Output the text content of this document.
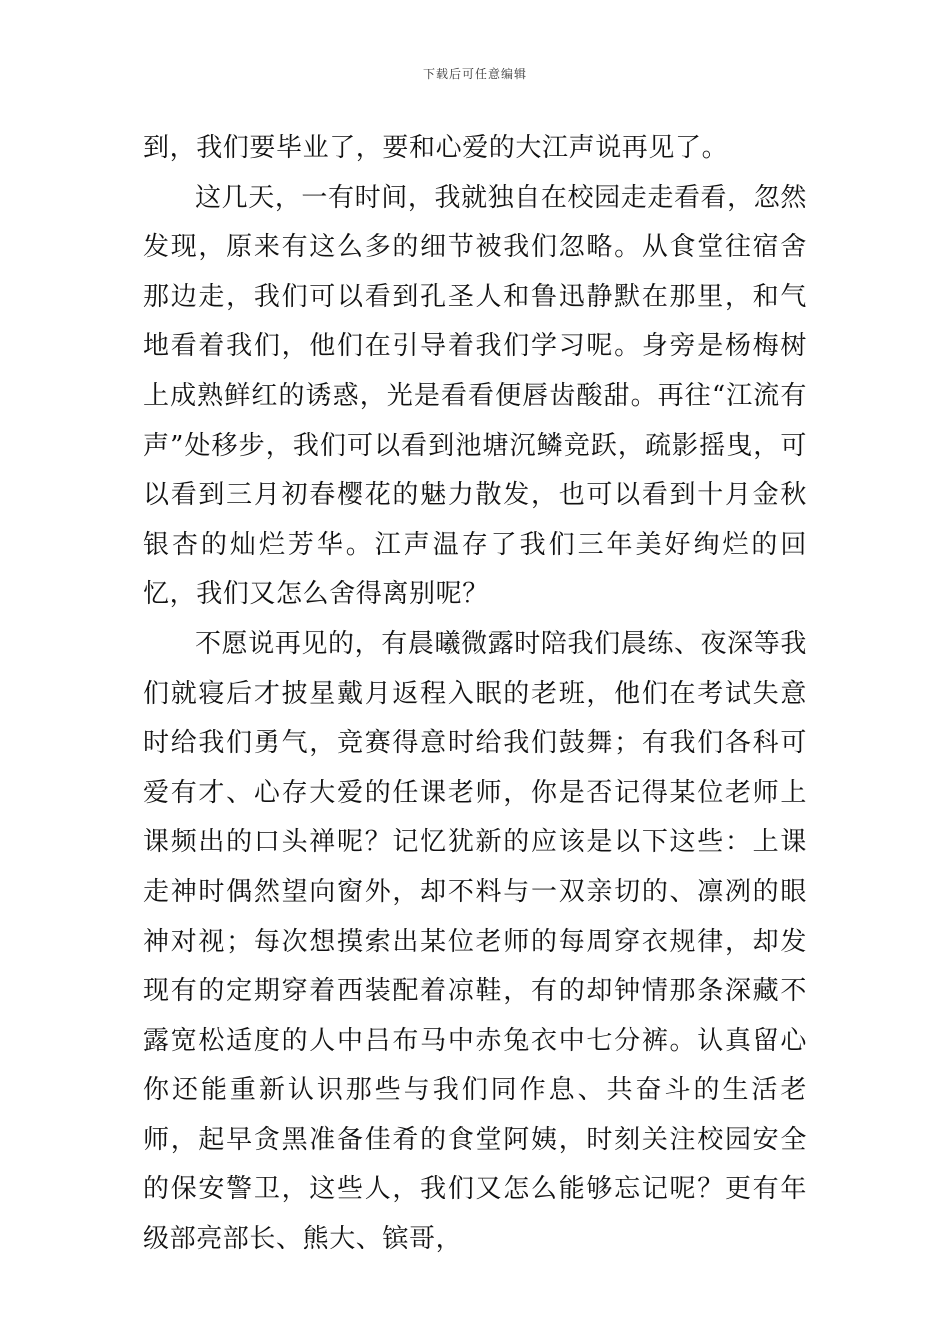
下载后可任意编辑

到，我们要毕业了，要和心爱的大江声说再见了。

这几天，一有时间，我就独自在校园走走看看，忽然发现，原来有这么多的细节被我们忽略。从食堂往宿舍那边走，我们可以看到孔圣人和鲁迅静默在那里，和气地看着我们，他们在引导着我们学习呢。身旁是杨梅树上成熟鲜红的诱惑，光是看看便唇齿酸甜。再往“江流有声”处移步，我们可以看到池塘沉鳞竞跃，疏影摇曳，可以看到三月初春樱花的魅力散发，也可以看到十月金秋银杏的灿烂芳华。江声温存了我们三年美好绚烂的回忆，我们又怎么舍得离别呢？

不愿说再见的，有晨曦微露时陪我们晨练、夜深等我们就寝后才披星戴月返程入眠的老班，他们在考试失意时给我们勇气，竞赛得意时给我们鼓舞；有我们各科可爱有才、心存大爱的任课老师，你是否记得某位老师上课频出的口头禅呢？记忆犹新的应该是以下这些：上课走神时偶然望向窗外，却不料与一双亲切的、凛冽的眼神对视；每次想摸索出某位老师的每周穿衣规律，却发现有的定期穿着西装配着凉鞋，有的却钟情那条深藏不露宽松适度的人中吕布马中赤兔衣中七分裤。认真留心你还能重新认识那些与我们同作息、共奋斗的生活老师，起早贪黑准备佳肴的食堂阿姨，时刻关注校园安全的保安警卫，这些人，我们又怎么能够忘记呢？更有年级部亮部长、熊大、镔哥，
